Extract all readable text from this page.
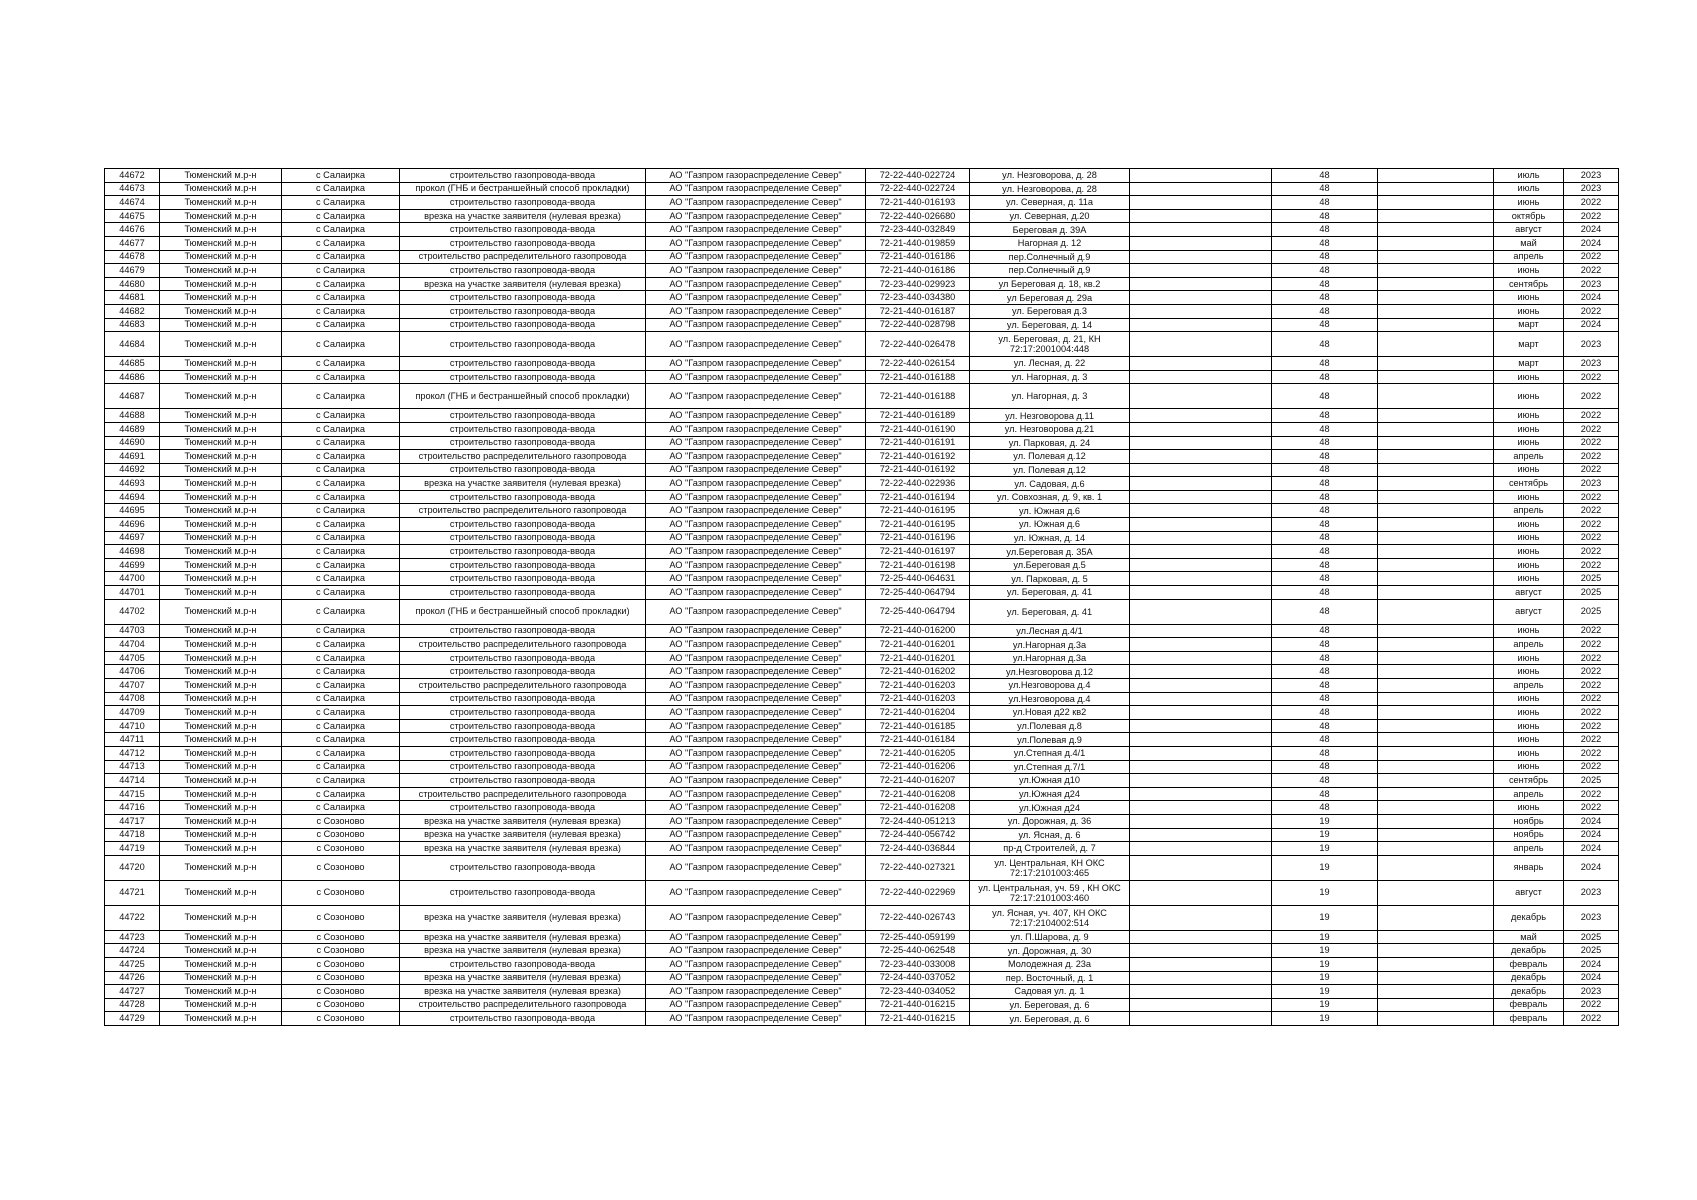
44672	Тюменский м.р-н	с Салаирка	строительство газопровода-ввода	АО "Газпром газораспределение Север"	72-22-440-022724	ул. Незговорова, д. 28		48		июль	2023
44673	Тюменский м.р-н	с Салаирка	прокол (ГНБ и бестраншейный способ прокладки)	АО "Газпром газораспределение Север"	72-22-440-022724	ул. Незговорова, д. 28		48		июль	2023
44674	Тюменский м.р-н	с Салаирка	строительство газопровода-ввода	АО "Газпром газораспределение Север"	72-21-440-016193	ул. Северная, д. 11а		48		июнь	2022
44675	Тюменский м.р-н	с Салаирка	врезка на участке заявителя (нулевая врезка)	АО "Газпром газораспределение Север"	72-22-440-026680	ул. Северная, д.20		48		октябрь	2022
44676	Тюменский м.р-н	с Салаирка	строительство газопровода-ввода	АО "Газпром газораспределение Север"	72-23-440-032849	Береговая д. 39А		48		август	2024
44677	Тюменский м.р-н	с Салаирка	строительство газопровода-ввода	АО "Газпром газораспределение Север"	72-21-440-019859	Нагорная д. 12		48		май	2024
44678	Тюменский м.р-н	с Салаирка	строительство распределительного газопровода	АО "Газпром газораспределение Север"	72-21-440-016186	пер.Солнечный д.9		48		апрель	2022
44679	Тюменский м.р-н	с Салаирка	строительство газопровода-ввода	АО "Газпром газораспределение Север"	72-21-440-016186	пер.Солнечный д.9		48		июнь	2022
44680	Тюменский м.р-н	с Салаирка	врезка на участке заявителя (нулевая врезка)	АО "Газпром газораспределение Север"	72-23-440-029923	ул Береговая д. 18, кв.2		48		сентябрь	2023
44681	Тюменский м.р-н	с Салаирка	строительство газопровода-ввода	АО "Газпром газораспределение Север"	72-23-440-034380	ул Береговая д. 29а		48		июнь	2024
44682	Тюменский м.р-н	с Салаирка	строительство газопровода-ввода	АО "Газпром газораспределение Север"	72-21-440-016187	ул. Береговая д.3		48		июнь	2022
44683	Тюменский м.р-н	с Салаирка	строительство газопровода-ввода	АО "Газпром газораспределение Север"	72-22-440-028798	ул. Береговая, д. 14		48		март	2024
44684	Тюменский м.р-н	с Салаирка	строительство газопровода-ввода	АО "Газпром газораспределение Север"	72-22-440-026478	ул. Береговая, д. 21, КН 72:17:2001004:448		48		март	2023
44685	Тюменский м.р-н	с Салаирка	строительство газопровода-ввода	АО "Газпром газораспределение Север"	72-22-440-026154	ул. Лесная, д. 22		48		март	2023
44686	Тюменский м.р-н	с Салаирка	строительство газопровода-ввода	АО "Газпром газораспределение Север"	72-21-440-016188	ул. Нагорная, д. 3		48		июнь	2022
44687	Тюменский м.р-н	с Салаирка	прокол (ГНБ и бестраншейный способ прокладки)	АО "Газпром газораспределение Север"	72-21-440-016188	ул. Нагорная, д. 3		48		июнь	2022
44688	Тюменский м.р-н	с Салаирка	строительство газопровода-ввода	АО "Газпром газораспределение Север"	72-21-440-016189	ул. Незговорова д.11		48		июнь	2022
44689	Тюменский м.р-н	с Салаирка	строительство газопровода-ввода	АО "Газпром газораспределение Север"	72-21-440-016190	ул. Незговорова д.21		48		июнь	2022
44690	Тюменский м.р-н	с Салаирка	строительство газопровода-ввода	АО "Газпром газораспределение Север"	72-21-440-016191	ул. Парковая, д. 24		48		июнь	2022
44691	Тюменский м.р-н	с Салаирка	строительство распределительного газопровода	АО "Газпром газораспределение Север"	72-21-440-016192	ул. Полевая д.12		48		апрель	2022
44692	Тюменский м.р-н	с Салаирка	строительство газопровода-ввода	АО "Газпром газораспределение Север"	72-21-440-016192	ул. Полевая д.12		48		июнь	2022
44693	Тюменский м.р-н	с Салаирка	врезка на участке заявителя (нулевая врезка)	АО "Газпром газораспределение Север"	72-22-440-022936	ул. Садовая, д.6		48		сентябрь	2023
44694	Тюменский м.р-н	с Салаирка	строительство газопровода-ввода	АО "Газпром газораспределение Север"	72-21-440-016194	ул. Совхозная, д. 9, кв. 1		48		июнь	2022
44695	Тюменский м.р-н	с Салаирка	строительство распределительного газопровода	АО "Газпром газораспределение Север"	72-21-440-016195	ул. Южная д.6		48		апрель	2022
44696	Тюменский м.р-н	с Салаирка	строительство газопровода-ввода	АО "Газпром газораспределение Север"	72-21-440-016195	ул. Южная д.6		48		июнь	2022
44697	Тюменский м.р-н	с Салаирка	строительство газопровода-ввода	АО "Газпром газораспределение Север"	72-21-440-016196	ул. Южная, д. 14		48		июнь	2022
44698	Тюменский м.р-н	с Салаирка	строительство газопровода-ввода	АО "Газпром газораспределение Север"	72-21-440-016197	ул.Береговая д. 35А		48		июнь	2022
44699	Тюменский м.р-н	с Салаирка	строительство газопровода-ввода	АО "Газпром газораспределение Север"	72-21-440-016198	ул.Береговая д.5		48		июнь	2022
44700	Тюменский м.р-н	с Салаирка	строительство газопровода-ввода	АО "Газпром газораспределение Север"	72-25-440-064631	ул. Парковая, д. 5		48		июнь	2025
44701	Тюменский м.р-н	с Салаирка	строительство газопровода-ввода	АО "Газпром газораспределение Север"	72-25-440-064794	ул. Береговая, д. 41		48		август	2025
44702	Тюменский м.р-н	с Салаирка	прокол (ГНБ и бестраншейный способ прокладки)	АО "Газпром газораспределение Север"	72-25-440-064794	ул. Береговая, д. 41		48		август	2025
44703	Тюменский м.р-н	с Салаирка	строительство газопровода-ввода	АО "Газпром газораспределение Север"	72-21-440-016200	ул.Лесная д.4/1		48		июнь	2022
44704	Тюменский м.р-н	с Салаирка	строительство распределительного газопровода	АО "Газпром газораспределение Север"	72-21-440-016201	ул.Нагорная д.3а		48		апрель	2022
44705	Тюменский м.р-н	с Салаирка	строительство газопровода-ввода	АО "Газпром газораспределение Север"	72-21-440-016201	ул.Нагорная д.3а		48		июнь	2022
44706	Тюменский м.р-н	с Салаирка	строительство газопровода-ввода	АО "Газпром газораспределение Север"	72-21-440-016202	ул.Незговорова д.12		48		июнь	2022
44707	Тюменский м.р-н	с Салаирка	строительство распределительного газопровода	АО "Газпром газораспределение Север"	72-21-440-016203	ул.Незговорова д.4		48		апрель	2022
44708	Тюменский м.р-н	с Салаирка	строительство газопровода-ввода	АО "Газпром газораспределение Север"	72-21-440-016203	ул.Незговорова д.4		48		июнь	2022
44709	Тюменский м.р-н	с Салаирка	строительство газопровода-ввода	АО "Газпром газораспределение Север"	72-21-440-016204	ул.Новая д22 кв2		48		июнь	2022
44710	Тюменский м.р-н	с Салаирка	строительство газопровода-ввода	АО "Газпром газораспределение Север"	72-21-440-016185	ул.Полевая д.8		48		июнь	2022
44711	Тюменский м.р-н	с Салаирка	строительство газопровода-ввода	АО "Газпром газораспределение Север"	72-21-440-016184	ул.Полевая д.9		48		июнь	2022
44712	Тюменский м.р-н	с Салаирка	строительство газопровода-ввода	АО "Газпром газораспределение Север"	72-21-440-016205	ул.Степная д.4/1		48		июнь	2022
44713	Тюменский м.р-н	с Салаирка	строительство газопровода-ввода	АО "Газпром газораспределение Север"	72-21-440-016206	ул.Степная д.7/1		48		июнь	2022
44714	Тюменский м.р-н	с Салаирка	строительство газопровода-ввода	АО "Газпром газораспределение Север"	72-21-440-016207	ул.Южная д10		48		сентябрь	2025
44715	Тюменский м.р-н	с Салаирка	строительство распределительного газопровода	АО "Газпром газораспределение Север"	72-21-440-016208	ул.Южная д24		48		апрель	2022
44716	Тюменский м.р-н	с Салаирка	строительство газопровода-ввода	АО "Газпром газораспределение Север"	72-21-440-016208	ул.Южная д24		48		июнь	2022
44717	Тюменский м.р-н	с Созоново	врезка на участке заявителя (нулевая врезка)	АО "Газпром газораспределение Север"	72-24-440-051213	ул. Дорожная, д. 36		19		ноябрь	2024
44718	Тюменский м.р-н	с Созоново	врезка на участке заявителя (нулевая врезка)	АО "Газпром газораспределение Север"	72-24-440-056742	ул. Ясная, д. 6		19		ноябрь	2024
44719	Тюменский м.р-н	с Созоново	врезка на участке заявителя (нулевая врезка)	АО "Газпром газораспределение Север"	72-24-440-036844	пр-д Строителей, д. 7		19		апрель	2024
44720	Тюменский м.р-н	с Созоново	строительство газопровода-ввода	АО "Газпром газораспределение Север"	72-22-440-027321	ул. Центральная, КН ОКС 72:17:2101003:465		19		январь	2024
44721	Тюменский м.р-н	с Созоново	строительство газопровода-ввода	АО "Газпром газораспределение Север"	72-22-440-022969	ул. Центральная, уч. 59 , КН ОКС 72:17:2101003:460		19		август	2023
44722	Тюменский м.р-н	с Созоново	врезка на участке заявителя (нулевая врезка)	АО "Газпром газораспределение Север"	72-22-440-026743	ул. Ясная, уч. 407, КН ОКС 72:17:2104002:514		19		декабрь	2023
44723	Тюменский м.р-н	с Созоново	врезка на участке заявителя (нулевая врезка)	АО "Газпром газораспределение Север"	72-25-440-059199	ул. П.Шарова, д. 9		19		май	2025
44724	Тюменский м.р-н	с Созоново	врезка на участке заявителя (нулевая врезка)	АО "Газпром газораспределение Север"	72-25-440-062548	ул. Дорожная, д. 30		19		декабрь	2025
44725	Тюменский м.р-н	с Созоново	строительство газопровода-ввода	АО "Газпром газораспределение Север"	72-23-440-033008	Молодежная д. 23а		19		февраль	2024
44726	Тюменский м.р-н	с Созоново	врезка на участке заявителя (нулевая врезка)	АО "Газпром газораспределение Север"	72-24-440-037052	пер. Восточный, д. 1		19		декабрь	2024
44727	Тюменский м.р-н	с Созоново	врезка на участке заявителя (нулевая врезка)	АО "Газпром газораспределение Север"	72-23-440-034052	Садовая ул. д. 1		19		декабрь	2023
44728	Тюменский м.р-н	с Созоново	строительство распределительного газопровода	АО "Газпром газораспределение Север"	72-21-440-016215	ул. Береговая, д. 6		19		февраль	2022
44729	Тюменский м.р-н	с Созоново	строительство газопровода-ввода	АО "Газпром газораспределение Север"	72-21-440-016215	ул. Береговая, д. 6		19		февраль	2022
